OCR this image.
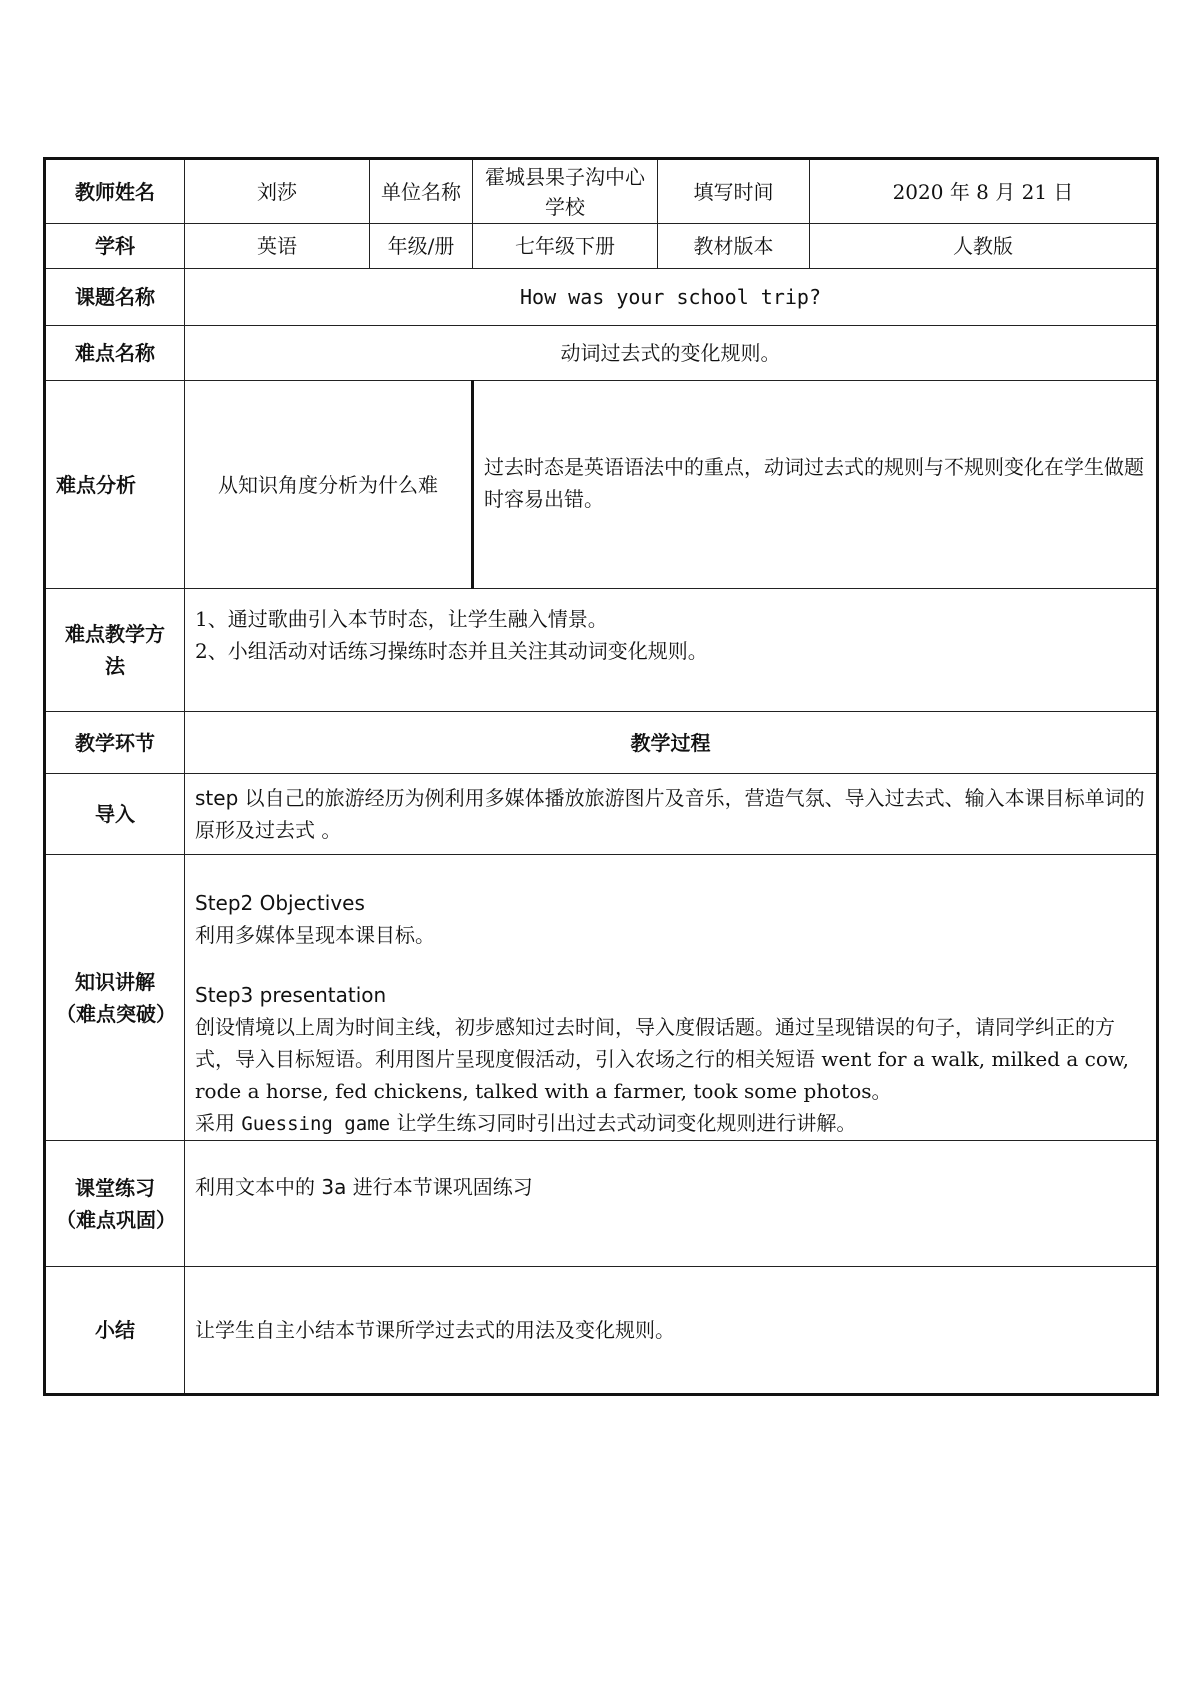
教师姓名	刘莎	单位名称	霍城县果子沟中心学校	填写时间	2020 年 8 月 21 日
学科	英语	年级/册	七年级下册	教材版本	人教版
课题名称	How was your school trip?				
难点名称	动词过去式的变化规则。				
难点分析	从知识角度分析为什么难		过去时态是英语语法中的重点，动词过去式的规则与不规则变化在学生做题时容易出错。		
难点教学方法	1、通过歌曲引入本节时态，让学生融入情景。
2、小组活动对话练习操练时态并且关注其动词变化规则。				

教学环节	教学过程				
导入	step 以自己的旅游经历为例利用多媒体播放旅游图片及音乐，营造气氛、导入过去式、输入本课目标单词的原形及过去式 。				

知识讲解
（难点突破）	Step2 Objectives
利用多媒体呈现本课目标。
Step3 presentation
创设情境以上周为时间主线，初步感知过去时间，导入度假话题。通过呈现错误的句子，请同学纠正的方式，导入目标短语。利用图片呈现度假活动，引入农场之行的相关短语 went for a walk, milked a cow, rode a horse, fed chickens, talked with a farmer, took some photos。
采用 Guessing game 让学生练习同时引出过去式动词变化规则进行讲解。				

课堂练习
（难点巩固）	利用文本中的 3a 进行本节课巩固练习				
小结	让学生自主小结本节课所学过去式的用法及变化规则。				
